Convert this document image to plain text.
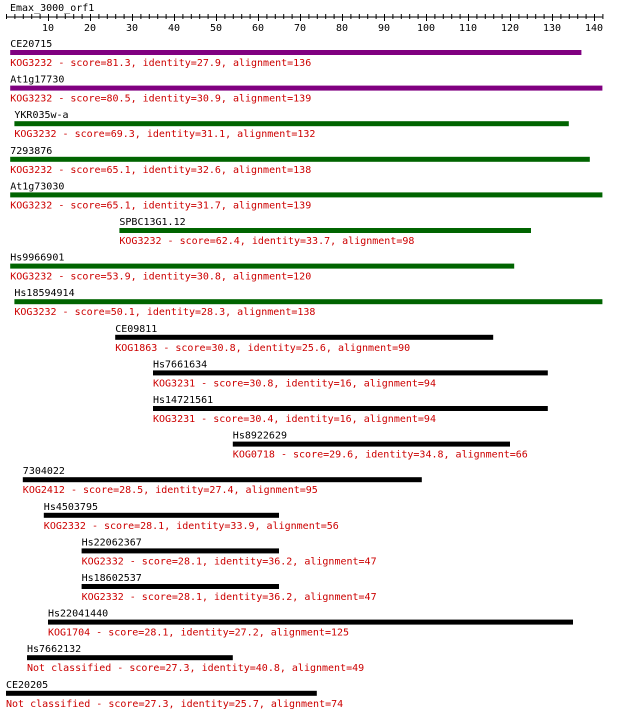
Emax_3000_orf1
10	20	30	40	50	60	70	80	90	100 110 120 130 140
CE20715
KOG3232 - score=81.3, identity=27.9, alignment=136
At1g17730
KOG3232 - score=80.5, identity=30.9, alignment=139
YKR035w-a
KOG3232 - score=69.3, identity=31.1, alignment=132
7293876
KOG3232 - score=65.1, identity=32.6, alignment=138
At1g73030
KOG3232 - score=65.1, identity=31.7, alignment=139
SPBC13G1.12
KOG3232 - score=62.4, identity=33.7, alignment=98
Hs9966901
KOG3232 - score=53.9, identity=30.8, alignment=120
Hs18594914
KOG3232 - score=50.1, identity=28.3, alignment=138
CE09811
KOG1863 - score=30.8, identity=25.6, alignment=90
Hs7661634
KOG3231 - score=30.8, identity=16, alignment=94
Hs14721561
KOG3231 - score=30.4, identity=16, alignment=94
Hs8922629
KOG0718 - score=29.6, identity=34.8, alignment=66
7304022
KOG2412 - score=28.5, identity=27.4, alignment=95
Hs4503795
KOG2332 - score=28.1, identity=33.9, alignment=56
Hs22062367
KOG2332 - score=28.1, identity=36.2, alignment=47
Hs18602537
KOG2332 - score=28.1, identity=36.2, alignment=47
Hs22041440
KOG1704 - score=28.1, identity=27.2, alignment=125
Hs7662132
Not classified - score=27.3, identity=40.8, alignment=49
CE20205
Not classified - score=27.3, identity=25.7, alignment=74
